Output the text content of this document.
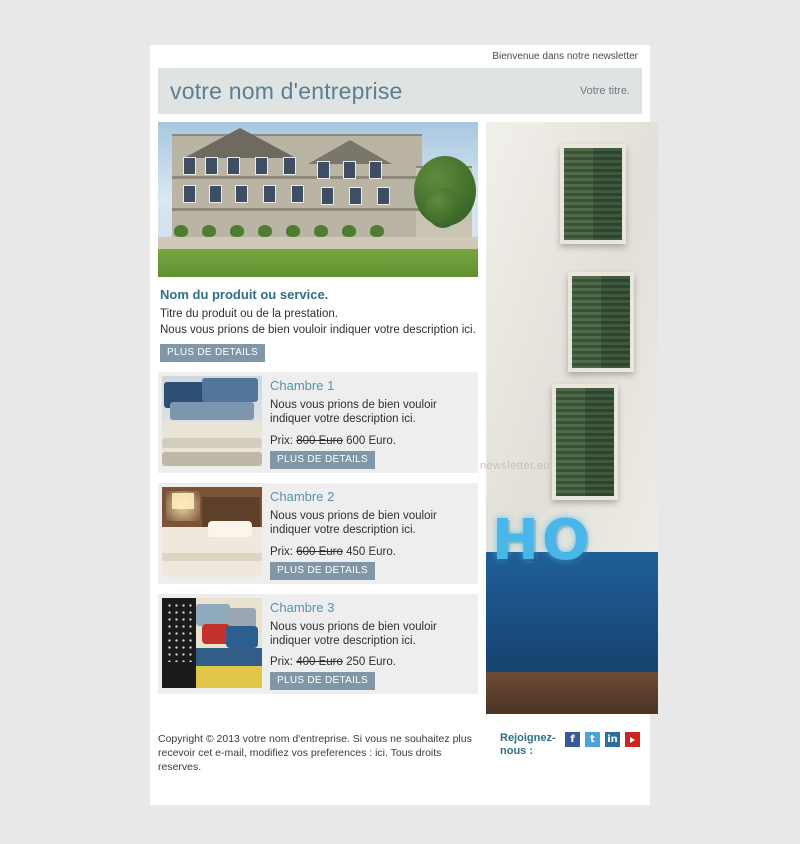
Bienvenue dans notre newsletter
votre nom d'entreprise	Votre titre.
Nom du produit ou service.
Titre du produit ou de la prestation.
Nous vous prions de bien vouloir indiquer votre description ici.
PLUS DE DETAILS
Chambre 1
Nous vous prions de bien vouloir indiquer votre description ici.
Prix: 800 Euro 600 Euro.
PLUS DE DETAILS
Chambre 2
Nous vous prions de bien vouloir indiquer votre description ici.
Prix: 600 Euro 450 Euro.
PLUS DE DETAILS
Chambre 3
Nous vous prions de bien vouloir indiquer votre description ici.
Prix: 400 Euro 250 Euro.
PLUS DE DETAILS
HO
Copyright © 2013 votre nom d'entreprise. Si vous ne souhaitez plus recevoir cet e-mail, modifiez vos preferences : ici. Tous droits reserves.
Rejoignez-nous :
f	t	in
newsletter.eu
